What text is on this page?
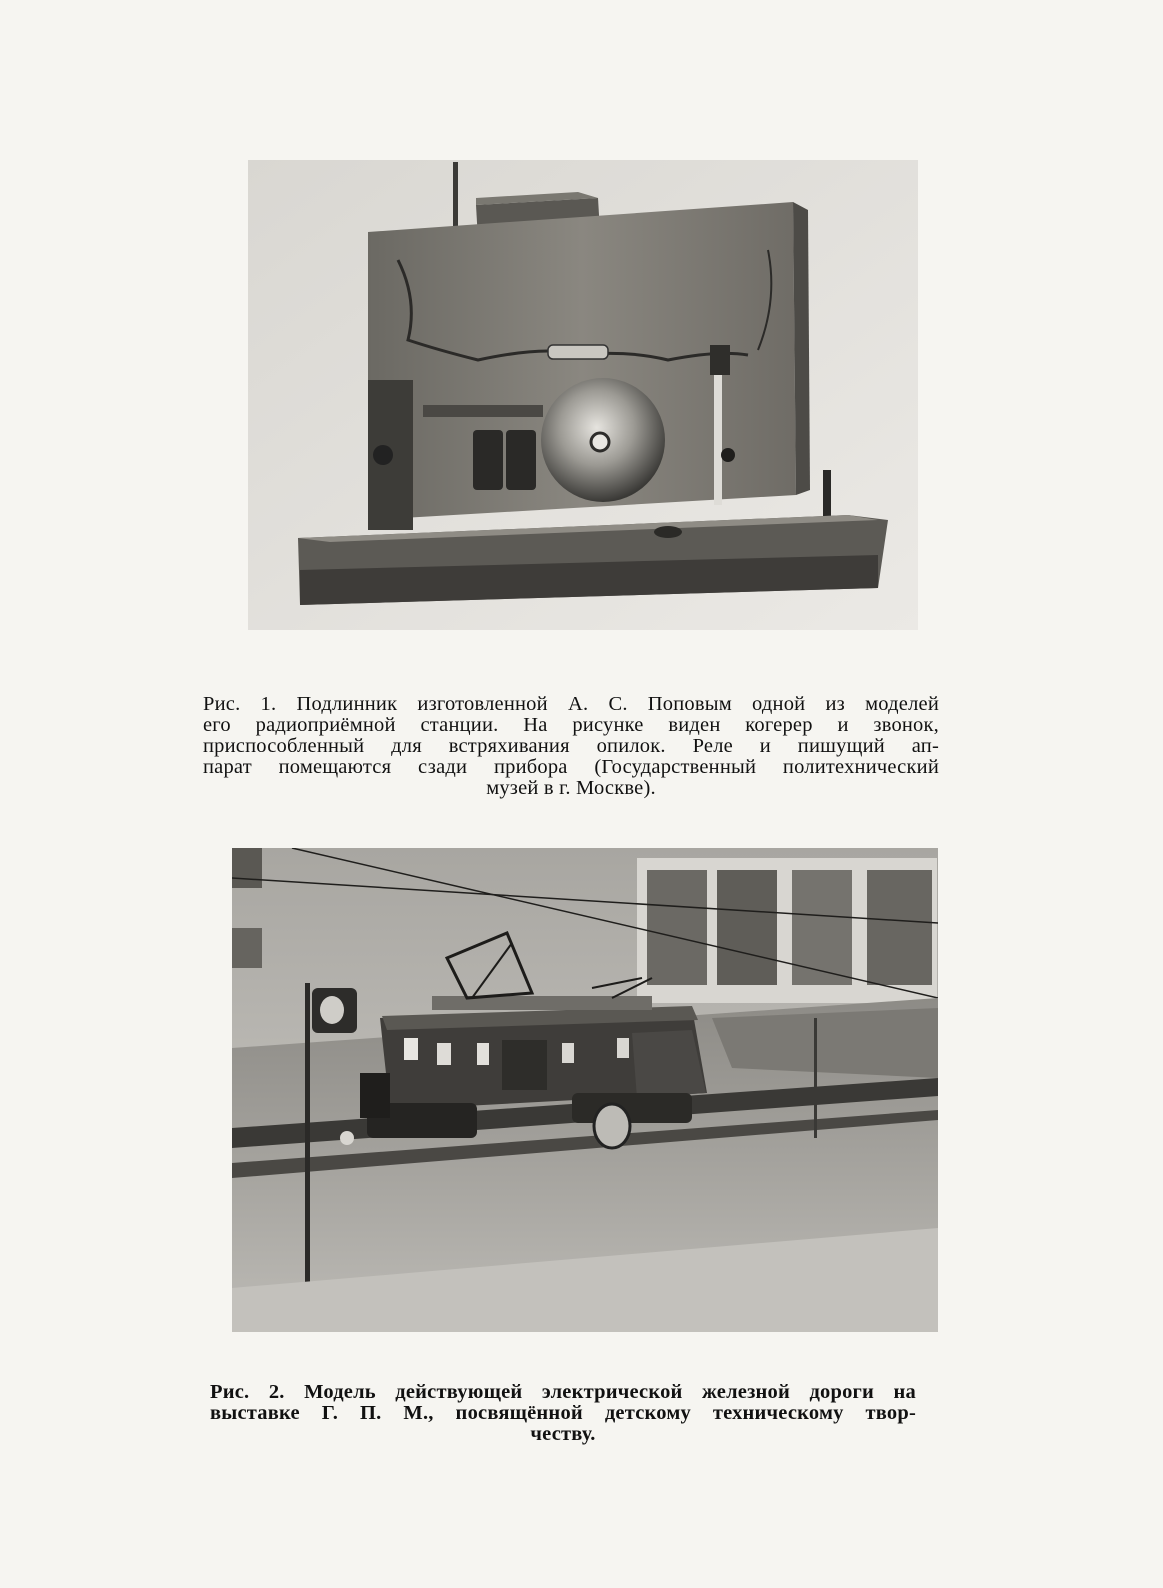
Рис. 1. Подлинник изготовленной А. С. Поповым одной из моделей
его радиоприёмной станции. На рисунке виден когерер и звонок,
приспособленный для встряхивания опилок. Реле и пишущий ап-
парат помещаются сзади прибора (Государственный политехнический
музей в г. Москве).
Рис. 2. Модель действующей электрической железной дороги на
выставке Г. П. М., посвящённой детскому техническому твор-
честву.
